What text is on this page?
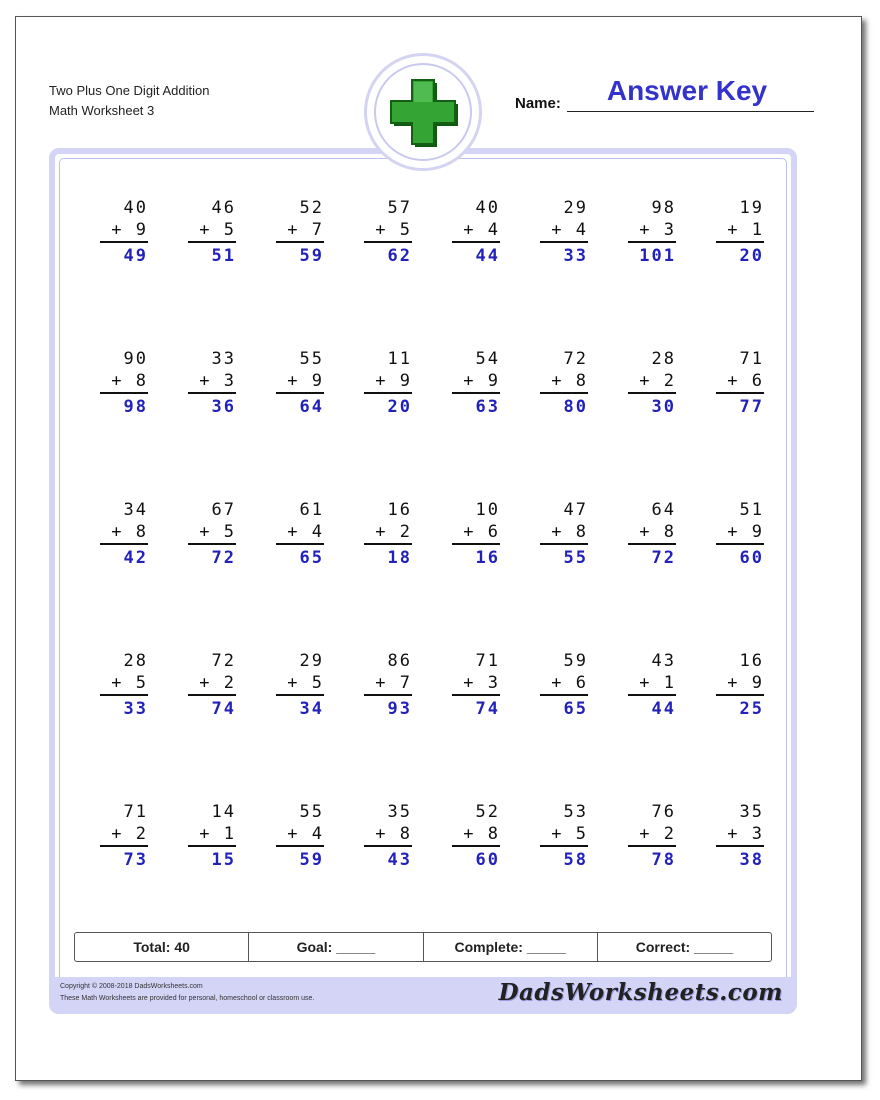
Two Plus One Digit Addition
Math Worksheet 3	Name:	Answer Key
40
+ 9
49
46
+ 5
51
52
+ 7
59
57
+ 5
62
40
+ 4
44
29
+ 4
33
98
+ 3
101
19
+ 1
20
90
+ 8
98
33
+ 3
36
55
+ 9
64
11
+ 9
20
54
+ 9
63
72
+ 8
80
28
+ 2
30
71
+ 6
77
34
+ 8
42
67
+ 5
72
61
+ 4
65
16
+ 2
18
10
+ 6
16
47
+ 8
55
64
+ 8
72
51
+ 9
60
28
+ 5
33
72
+ 2
74
29
+ 5
34
86
+ 7
93
71
+ 3
74
59
+ 6
65
43
+ 1
44
16
+ 9
25
71
+ 2
73
14
+ 1
15
55
+ 4
59
35
+ 8
43
52
+ 8
60
53
+ 5
58
76
+ 2
78
35
+ 3
38
Total: 40	Goal: _____	Complete: _____	Correct: _____
Copyright © 2008-2018 DadsWorksheets.com
These Math Worksheets are provided for personal, homeschool or classroom use.	DadsWorksheets.com
